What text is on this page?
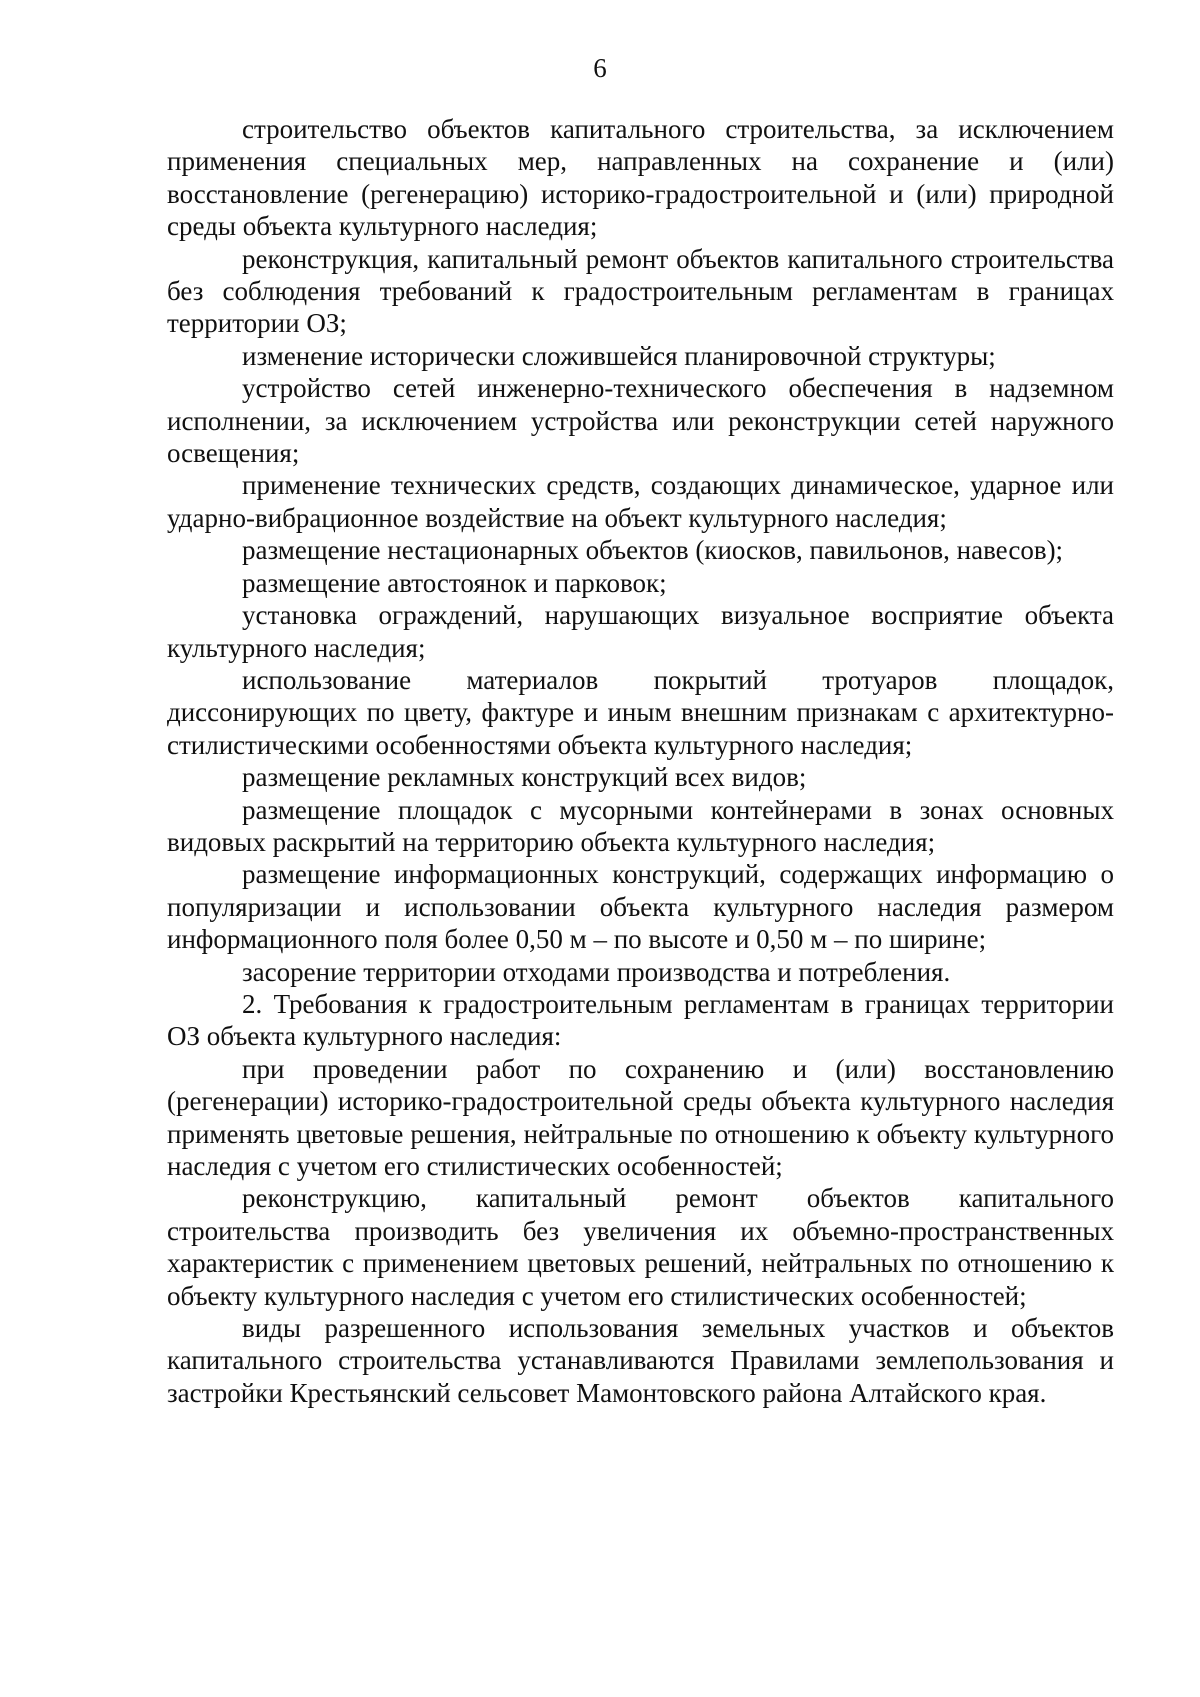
6

строительство объектов капитального строительства, за исключением применения специальных мер, направленных на сохранение и (или) восстановление (регенерацию) историко-градостроительной и (или) природной среды объекта культурного наследия;

реконструкция, капитальный ремонт объектов капитального строительства без соблюдения требований к градостроительным регламентам в границах территории ОЗ;

изменение исторически сложившейся планировочной структуры;

устройство сетей инженерно-технического обеспечения в надземном исполнении, за исключением устройства или реконструкции сетей наружного освещения;

применение технических средств, создающих динамическое, ударное или ударно-вибрационное воздействие на объект культурного наследия;

размещение нестационарных объектов (киосков, павильонов, навесов);

размещение автостоянок и парковок;

установка ограждений, нарушающих визуальное восприятие объекта культурного наследия;

использование материалов покрытий тротуаров площадок, диссонирующих по цвету, фактуре и иным внешним признакам с архитектурно-стилистическими особенностями объекта культурного наследия;

размещение рекламных конструкций всех видов;

размещение площадок с мусорными контейнерами в зонах основных видовых раскрытий на территорию объекта культурного наследия;

размещение информационных конструкций, содержащих информацию о популяризации и использовании объекта культурного наследия размером информационного поля более 0,50 м – по высоте и 0,50 м – по ширине;

засорение территории отходами производства и потребления.

2. Требования к градостроительным регламентам в границах территории ОЗ объекта культурного наследия:

при проведении работ по сохранению и (или) восстановлению (регенерации) историко-градостроительной среды объекта культурного наследия применять цветовые решения, нейтральные по отношению к объекту культурного наследия с учетом его стилистических особенностей;

реконструкцию, капитальный ремонт объектов капитального строительства производить без увеличения их объемно-пространственных характеристик с применением цветовых решений, нейтральных по отношению к объекту культурного наследия с учетом его стилистических особенностей;

виды разрешенного использования земельных участков и объектов капитального строительства устанавливаются Правилами землепользования и застройки Крестьянский сельсовет Мамонтовского района Алтайского края.
